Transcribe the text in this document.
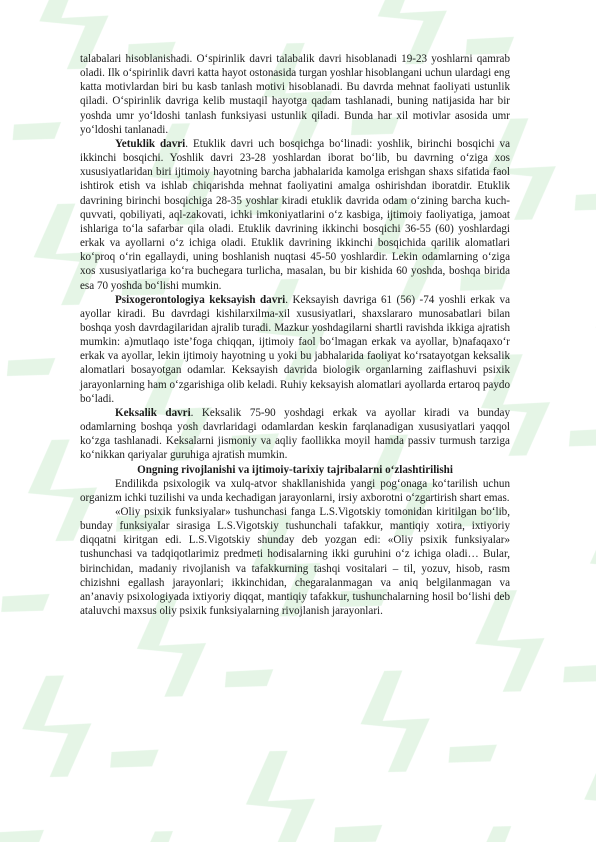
talabalari hisoblanishadi. O‘spirinlik davri talabalik davri hisoblanadi 19-23 yoshlarni qamrab oladi. Ilk o‘spirinlik davri katta hayot ostonasida turgan yoshlar hisoblangani uchun ulardagi eng katta motivlardan biri bu kasb tanlash motivi hisoblanadi. Bu davrda mehnat faoliyati ustunlik qiladi. O‘spirinlik davriga kelib mustaqil hayotga qadam tashlanadi, buning natijasida har bir yoshda umr yo‘ldoshi tanlash funksiyasi ustunlik qiladi. Bunda har xil motivlar asosida umr yo‘ldoshi tanlanadi.

Yetuklik davri. Etuklik davri uch bosqichga bo‘linadi: yoshlik, birinchi bosqichi va ikkinchi bosqichi. Yoshlik davri 23-28 yoshlardan iborat bo‘lib, bu davrning o‘ziga xos xususiyatlaridan biri ijtimoiy hayotning barcha jabhalarida kamolga erishgan shaxs sifatida faol ishtirok etish va ishlab chiqarishda mehnat faoliyatini amalga oshirishdan iboratdir. Etuklik davrining birinchi bosqichiga 28-35 yoshlar kiradi etuklik davrida odam o‘zining barcha kuch-quvvati, qobiliyati, aql-zakovati, ichki imkoniyatlarini o‘z kasbiga, ijtimoiy faoliyatiga, jamoat ishlariga to‘la safarbar qila oladi. Etuklik davrining ikkinchi bosqichi 36-55 (60) yoshlardagi erkak va ayollarni o‘z ichiga oladi. Etuklik davrining ikkinchi bosqichida qarilik alomatlari ko‘proq o‘rin egallaydi, uning boshlanish nuqtasi 45-50 yoshlardir. Lekin odamlarning o‘ziga xos xususiyatlariga ko‘ra buchegara turlicha, masalan, bu bir kishida 60 yoshda, boshqa birida esa 70 yoshda bo‘lishi mumkin.

Psixogerontologiya keksayish davri. Keksayish davriga 61 (56) -74 yoshli erkak va ayollar kiradi. Bu davrdagi kishilarxilma-xil xususiyatlari, shaxslararo munosabatlari bilan boshqa yosh davrdagilaridan ajralib turadi. Mazkur yoshdagilarni shartli ravishda ikkiga ajratish mumkin: a)mutlaqo iste’foga chiqqan, ijtimoiy faol bo‘lmagan erkak va ayollar, b)nafaqaxo‘r erkak va ayollar, lekin ijtimoiy hayotning u yoki bu jabhalarida faoliyat ko‘rsatayotgan keksalik alomatlari bosayotgan odamlar. Keksayish davrida biologik organlarning zaiflashuvi psixik jarayonlarning ham o‘zgarishiga olib keladi. Ruhiy keksayish alomatlari ayollarda ertaroq paydo bo‘ladi.

Keksalik davri. Keksalik 75-90 yoshdagi erkak va ayollar kiradi va bunday odamlarning boshqa yosh davrlaridagi odamlardan keskin farqlanadigan xususiyatlari yaqqol ko‘zga tashlanadi. Keksalarni jismoniy va aqliy faollikka moyil hamda passiv turmush tarziga ko‘nikkan qariyalar guruhiga ajratish mumkin.

Ongning rivojlanishi va ijtimoiy-tarixiy tajribalarni o‘zlashtirilishi

Endilikda psixologik va xulq-atvor shakllanishida yangi pog‘onaga ko‘tarilish uchun organizm ichki tuzilishi va unda kechadigan jarayonlarni, irsiy axborotni o‘zgartirish shart emas.

«Oliy psixik funksiyalar» tushunchasi fanga L.S.Vigotskiy tomonidan kiritilgan bo‘lib, bunday funksiyalar sirasiga L.S.Vigotskiy tushunchali tafakkur, mantiqiy xotira, ixtiyoriy diqqatni kiritgan edi. L.S.Vigotskiy shunday deb yozgan edi: «Oliy psixik funksiyalar» tushunchasi va tadqiqotlarimiz predmeti hodisalarning ikki guruhini o‘z ichiga oladi… Bular, birinchidan, madaniy rivojlanish va tafakkurning tashqi vositalari – til, yozuv, hisob, rasm chizishni egallash jarayonlari; ikkinchidan, chegaralanmagan va aniq belgilanmagan va an’anaviy psixologiyada ixtiyoriy diqqat, mantiqiy tafakkur, tushunchalarning hosil bo‘lishi deb ataluvchi maxsus oliy psixik funksiyalarning rivojlanish jarayonlari.
